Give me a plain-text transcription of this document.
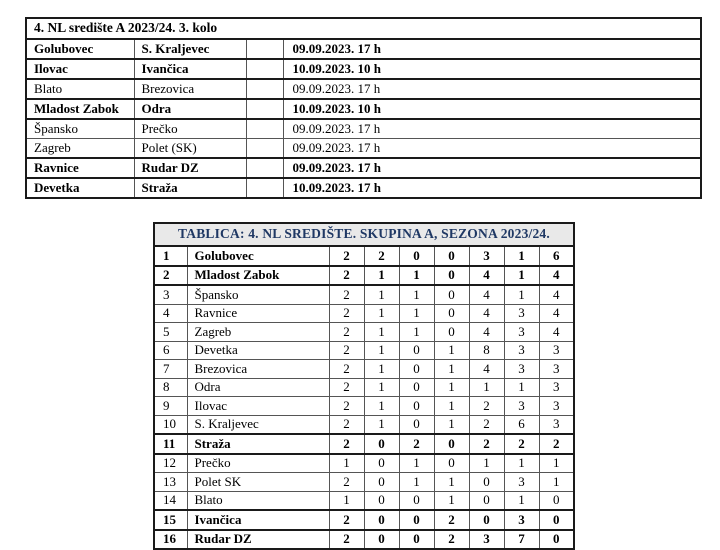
4. NL središte A 2023/24. 3. kolo			
Golubovec	S. Kraljevec		09.09.2023. 17 h
Ilovac	Ivančica		10.09.2023. 10 h
Blato	Brezovica		09.09.2023. 17 h
Mladost Zabok	Odra		10.09.2023. 10 h
Špansko	Prečko		09.09.2023. 17 h
Zagreb	Polet (SK)		09.09.2023. 17 h
Ravnice	Rudar DZ		09.09.2023. 17 h
Devetka	Straža		10.09.2023. 17 h
TABLICA: 4. NL SREDIŠTE. SKUPINA A, SEZONA 2023/24.								
1	Golubovec	2	2	0	0	3	1	6
2	Mladost Zabok	2	1	1	0	4	1	4
3	Špansko	2	1	1	0	4	1	4
4	Ravnice	2	1	1	0	4	3	4
5	Zagreb	2	1	1	0	4	3	4
6	Devetka	2	1	0	1	8	3	3
7	Brezovica	2	1	0	1	4	3	3
8	Odra	2	1	0	1	1	1	3
9	Ilovac	2	1	0	1	2	3	3
10	S. Kraljevec	2	1	0	1	2	6	3
11	Straža	2	0	2	0	2	2	2
12	Prečko	1	0	1	0	1	1	1
13	Polet SK	2	0	1	1	0	3	1
14	Blato	1	0	0	1	0	1	0
15	Ivančica	2	0	0	2	0	3	0
16	Rudar DZ	2	0	0	2	3	7	0
